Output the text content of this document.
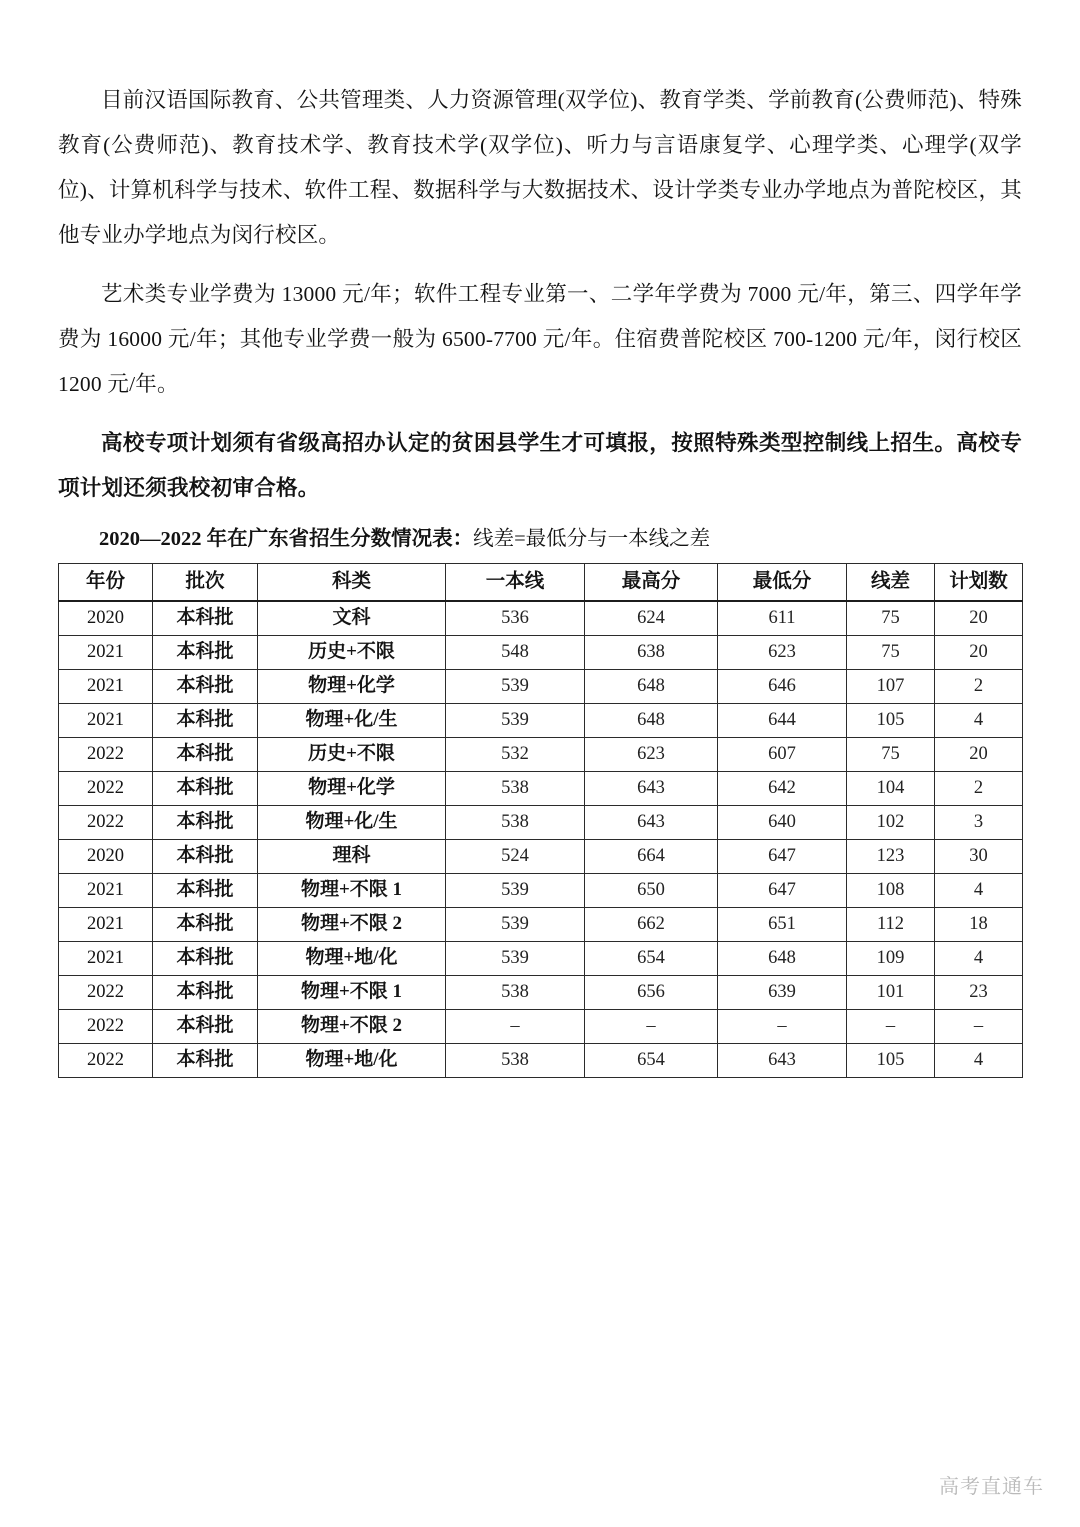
目前汉语国际教育、公共管理类、人力资源管理(双学位)、教育学类、学前教育(公费师范)、特殊教育(公费师范)、教育技术学、教育技术学(双学位)、听力与言语康复学、心理学类、心理学(双学位)、计算机科学与技术、软件工程、数据科学与大数据技术、设计学类专业办学地点为普陀校区，其他专业办学地点为闵行校区。

艺术类专业学费为 13000 元/年；软件工程专业第一、二学年学费为 7000 元/年，第三、四学年学费为 16000 元/年；其他专业学费一般为 6500-7700 元/年。住宿费普陀校区 700-1200 元/年，闵行校区 1200 元/年。

高校专项计划须有省级高招办认定的贫困县学生才可填报，按照特殊类型控制线上招生。高校专项计划还须我校初审合格。

2020—2022 年在广东省招生分数情况表：线差=最低分与一本线之差

年份	批次	科类	一本线	最高分	最低分	线差	计划数
2020	本科批	文科	536	624	611	75	20
2021	本科批	历史+不限	548	638	623	75	20
2021	本科批	物理+化学	539	648	646	107	2
2021	本科批	物理+化/生	539	648	644	105	4
2022	本科批	历史+不限	532	623	607	75	20
2022	本科批	物理+化学	538	643	642	104	2
2022	本科批	物理+化/生	538	643	640	102	3
2020	本科批	理科	524	664	647	123	30
2021	本科批	物理+不限 1	539	650	647	108	4
2021	本科批	物理+不限 2	539	662	651	112	18
2021	本科批	物理+地/化	539	654	648	109	4
2022	本科批	物理+不限 1	538	656	639	101	23
2022	本科批	物理+不限 2	–	–	–	–	–
2022	本科批	物理+地/化	538	654	643	105	4
高考直通车
